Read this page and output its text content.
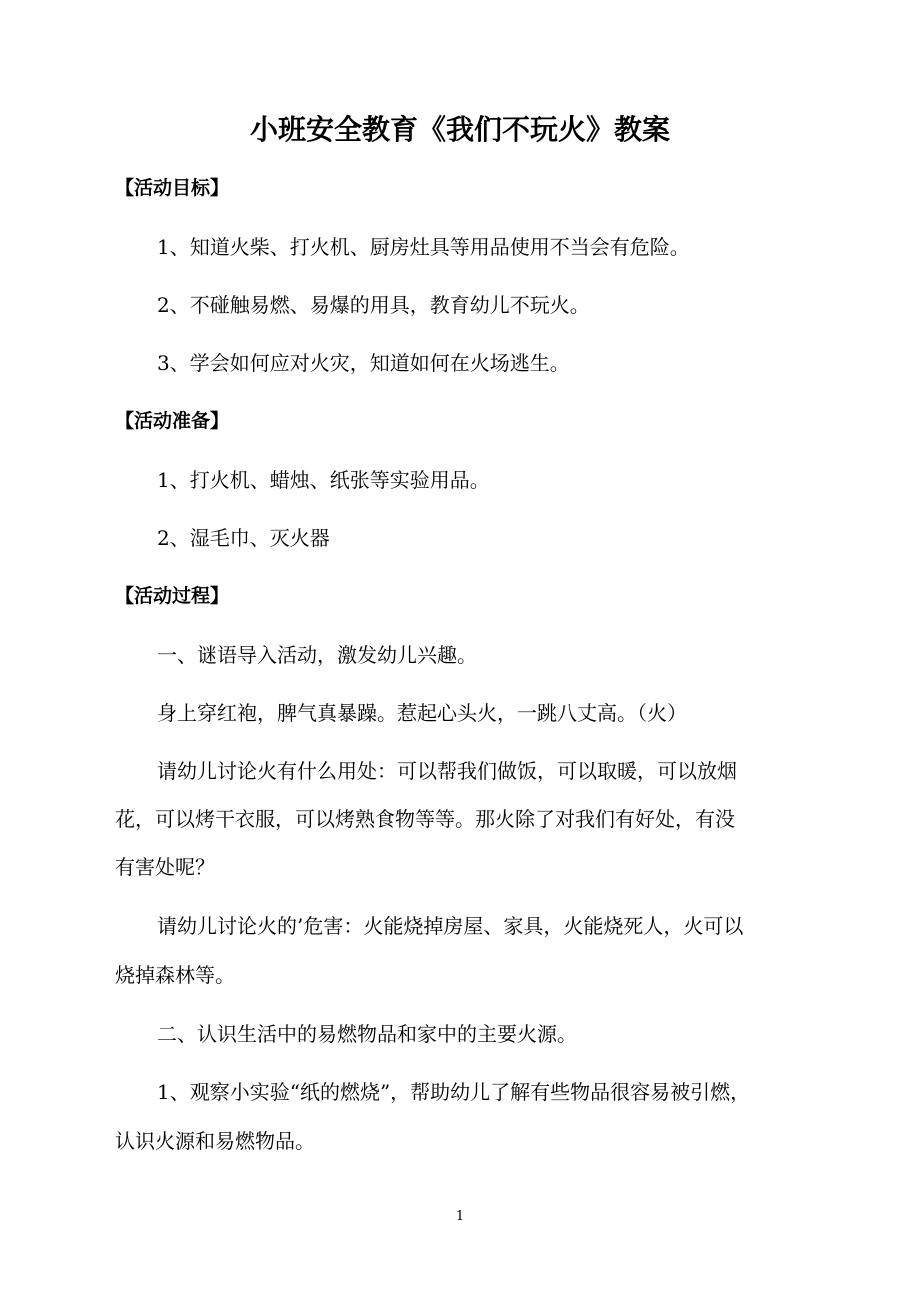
小班安全教育《我们不玩火》教案
【活动目标】
1、知道火柴、打火机、厨房灶具等用品使用不当会有危险。
2、不碰触易燃、易爆的用具，教育幼儿不玩火。
3、学会如何应对火灾，知道如何在火场逃生。
【活动准备】
1、打火机、蜡烛、纸张等实验用品。
2、湿毛巾、灭火器
【活动过程】
一、谜语导入活动，激发幼儿兴趣。
身上穿红袍，脾气真暴躁。惹起心头火，一跳八丈高。（火）
请幼儿讨论火有什么用处：可以帮我们做饭，可以取暖，可以放烟
花，可以烤干衣服，可以烤熟食物等等。那火除了对我们有好处，有没
有害处呢？
请幼儿讨论火的’危害：火能烧掉房屋、家具，火能烧死人，火可以
烧掉森林等。
二、认识生活中的易燃物品和家中的主要火源。
1、观察小实验“纸的燃烧”，帮助幼儿了解有些物品很容易被引燃，
认识火源和易燃物品。
1
